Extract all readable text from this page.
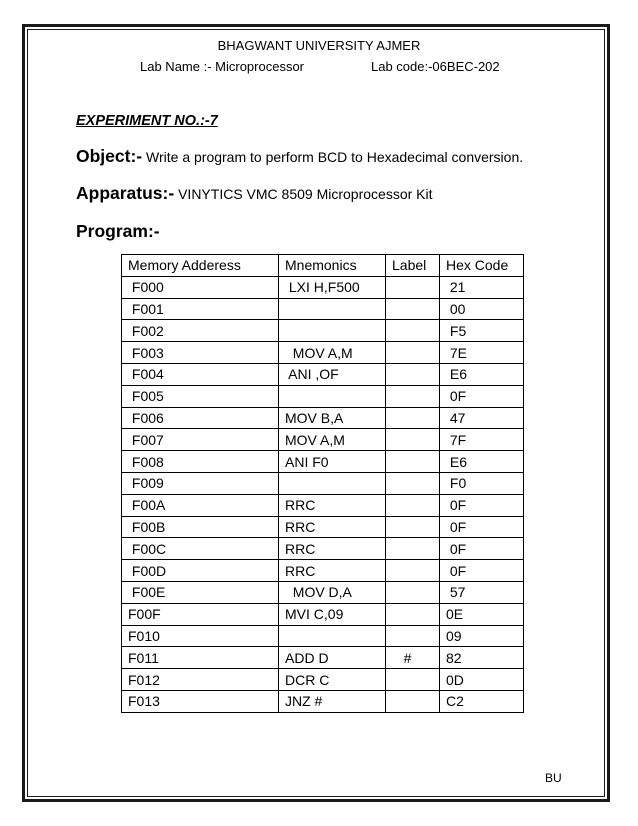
BHAGWANT UNIVERSITY AJMER
Lab Name :- Microprocessor	Lab code:-06BEC-202
EXPERIMENT NO.:-7
Object:- Write a program to perform BCD to Hexadecimal conversion.
Apparatus:- VINYTICS VMC 8509 Microprocessor Kit
Program:-
Memory Adderess	Mnemonics	Label	Hex Code
F000	LXI H,F500		21
F001			00
F002			F5
F003	MOV A,M		7E
F004	ANI ,OF		E6
F005			0F
F006	MOV B,A		47
F007	MOV A,M		7F
F008	ANI F0		E6
F009			F0
F00A	RRC		0F
F00B	RRC		0F
F00C	RRC		0F
F00D	RRC		0F
F00E	MOV D,A		57
F00F	MVI C,09		0E
F010			09
F011	ADD D	#	82
F012	DCR C		0D
F013	JNZ #		C2
BU
